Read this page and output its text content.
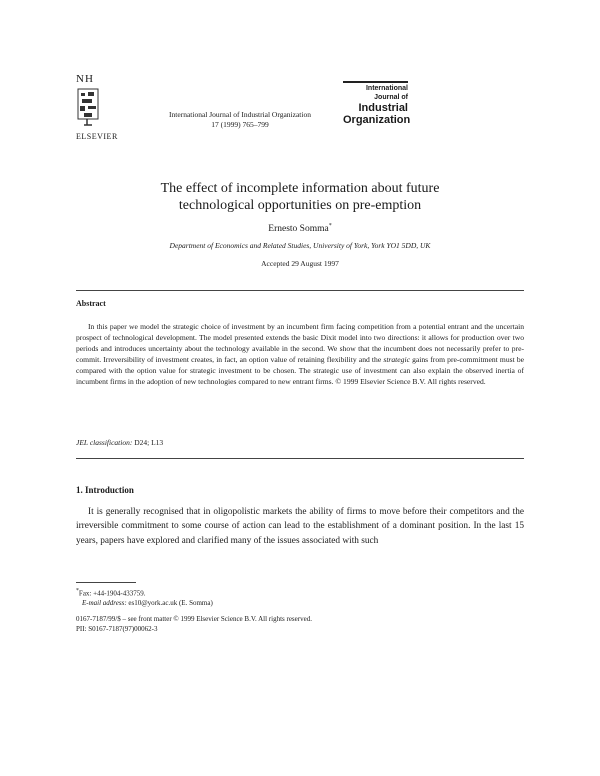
NH
ELSEVIER
International Journal of Industrial Organization
17 (1999) 765–799
International Journal of
Industrial
Organization
The effect of incomplete information about future
technological opportunities on pre-emption
Ernesto Somma*
Department of Economics and Related Studies, University of York, York YO1 5DD, UK
Accepted 29 August 1997
Abstract
In this paper we model the strategic choice of investment by an incumbent firm facing competition from a potential entrant and the uncertain prospect of technological development. The model presented extends the basic Dixit model into two directions: it allows for production over two periods and introduces uncertainty about the technology available in the second. We show that the incumbent does not necessarily prefer to pre-commit. Irreversibility of investment creates, in fact, an option value of retaining flexibility and the strategic gains from pre-commitment must be compared with the option value for strategic investment to be chosen. The strategic use of investment can also explain the observed inertia of incumbent firms in the adoption of new technologies compared to new entrant firms. © 1999 Elsevier Science B.V. All rights reserved.
JEL classification: D24; L13
1. Introduction
It is generally recognised that in oligopolistic markets the ability of firms to move before their competitors and the irreversible commitment to some course of action can lead to the establishment of a dominant position. In the last 15 years, papers have explored and clarified many of the issues associated with such
*Fax: +44-1904-433759.
E-mail address: es10@york.ac.uk (E. Somma)
0167-7187/99/$ – see front matter © 1999 Elsevier Science B.V. All rights reserved.
PII: S0167-7187(97)00062-3
